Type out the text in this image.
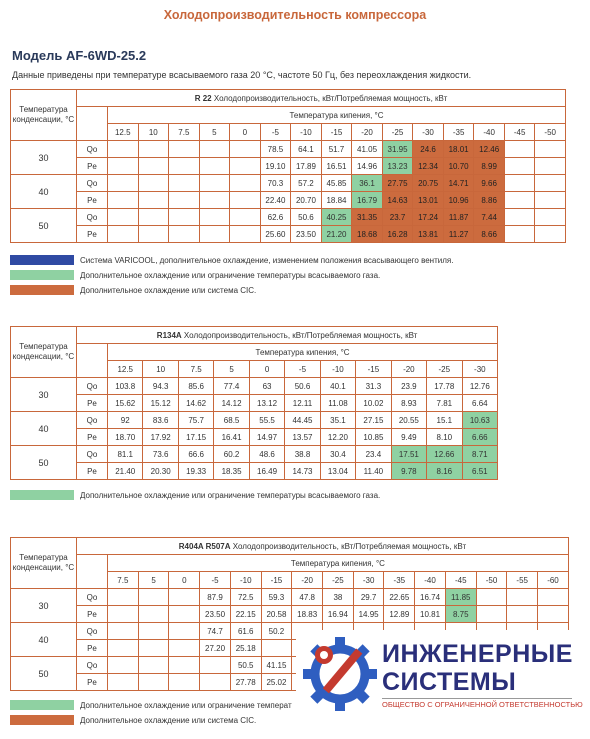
Холодопроизводительность компрессора
Модель AF-6WD-25.2
Данные приведены при температуре всасываемого газа 20 °С, частоте 50 Гц, без переохлаждения жидкости.
Температура конденсации, °С	R 22 Холодопроизводительность, кВт/Потребляемая мощность, кВт															
		Температура кипения, °С														
		12.5	10	7.5	5	0	-5	-10	-15	-20	-25	-30	-35	-40	-45	-50
30	Qo						78.5	64.1	51.7	41.05	31.95	24.6	18.01	12.46		
	Pe						19.10	17.89	16.51	14.96	13.23	12.34	10.70	8.99		
40	Qo						70.3	57.2	45.85	36.1	27.75	20.75	14.71	9.66		
	Pe						22.40	20.70	18.84	16.79	14.63	13.01	10.96	8.86		
50	Qo						62.6	50.6	40.25	31.35	23.7	17.24	11.87	7.44		
	Pe						25.60	23.50	21.20	18.68	16.28	13.81	11.27	8.66		
Система VARICOOL, дополнительное охлаждение, изменением положения всасывающего вентиля.
Дополнительное охлаждение или ограничение температуры всасываемого газа.
Дополнительное охлаждение или система CIC.
Температура конденсации, °С	R134A Холодопроизводительность, кВт/Потребляемая мощность, кВт											
		Температура кипения, °С										
		12.5	10	7.5	5	0	-5	-10	-15	-20	-25	-30
30	Qo	103.8	94.3	85.6	77.4	63	50.6	40.1	31.3	23.9	17.78	12.76
	Pe	15.62	15.12	14.62	14.12	13.12	12.11	11.08	10.02	8.93	7.81	6.64
40	Qo	92	83.6	75.7	68.5	55.5	44.45	35.1	27.15	20.55	15.1	10.63
	Pe	18.70	17.92	17.15	16.41	14.97	13.57	12.20	10.85	9.49	8.10	6.66
50	Qo	81.1	73.6	66.6	60.2	48.6	38.8	30.4	23.4	17.51	12.66	8.71
	Pe	21.40	20.30	19.33	18.35	16.49	14.73	13.04	11.40	9.78	8.16	6.51
Дополнительное охлаждение или ограничение температуры всасываемого газа.
Температура конденсации, °С	R404A R507A Холодопроизводительность, кВт/Потребляемая мощность, кВт															
		Температура кипения, °С														
		7.5	5	0	-5	-10	-15	-20	-25	-30	-35	-40	-45	-50	-55	-60
30	Qo				87.9	72.5	59.3	47.8	38	29.7	22.65	16.74	11.85			
	Pe				23.50	22.15	20.58	18.83	16.94	14.95	12.89	10.81	8.75			
40	Qo				74.7	61.6	50.2									
	Pe				27.20	25.18										
50	Qo					50.5	41.15									
	Pe					27.78	25.02									
Дополнительное охлаждение или ограничение температ
Дополнительное охлаждение или система CIC.
ИНЖЕНЕРНЫЕ
СИСТЕМЫ
ОБЩЕСТВО С ОГРАНИЧЕННОЙ ОТВЕТСТВЕННОСТЬЮ
